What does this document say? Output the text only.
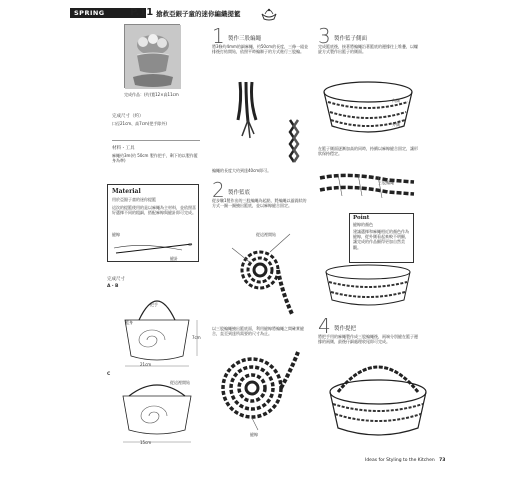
SPRING	P.11 搶救亞銀子童的迷你編織提籃
完成作品：(約)寬12×高11cm
完成尺寸（約）
口徑21cm、高7cm(把手除外)
材料・工具
麻繩約3m(約 50cm 製作把手，剩下的以製作籃身為準)
Material
用於亞銀子童的迷你提籃
這次的提籃使用的是以麻繩為主材料，並依照喜好選擇不同的粗細，搭配麻線與縫針即可完成。
縫線
縫針
完成尺寸
A・B
把手
7cm
21cm
籃身
C
從這裡開始
15cm
1 製作三股編繩
將3條約4mm的細麻繩，約50cm的長度，三條一組並排後打結開始，依照平時編辮子的方式進行三股編。
編繩的長度大約到達40cm即可。
2 製作籃底
從步驟1製作出的三股編繩為起點，將編繩以漩渦狀的方式一圈一圈繞出籃底，並以麻線縫合固定。
從這裡開始
以三股編繩繞出籃底面，利用縫線將編繩之間確實縫合，直至到達所需要的尺寸為止。
縫線
3 製作籃子側面
完成籃底後，接著將編繩沿著籃底的邊緣往上堆疊，以螺旋方式製作出籃子的側面。
內側
外側
在籃子側面逐漸加高的同時，持續以麻線縫合固定，讓形狀保持穩定。
三股編繩
Point
縫線的顏色
建議選擇和麻繩相近的顏色作為縫線，從外側看起來較不明顯，讓完成的作品顯得更加自然美觀。
4 製作提把
將把手用的麻繩製作成三股編繩後，兩端分別縫在籃子邊緣的兩側，最後仔細處理收尾即可完成。
Ideas for Styling to the Kitchen 73
